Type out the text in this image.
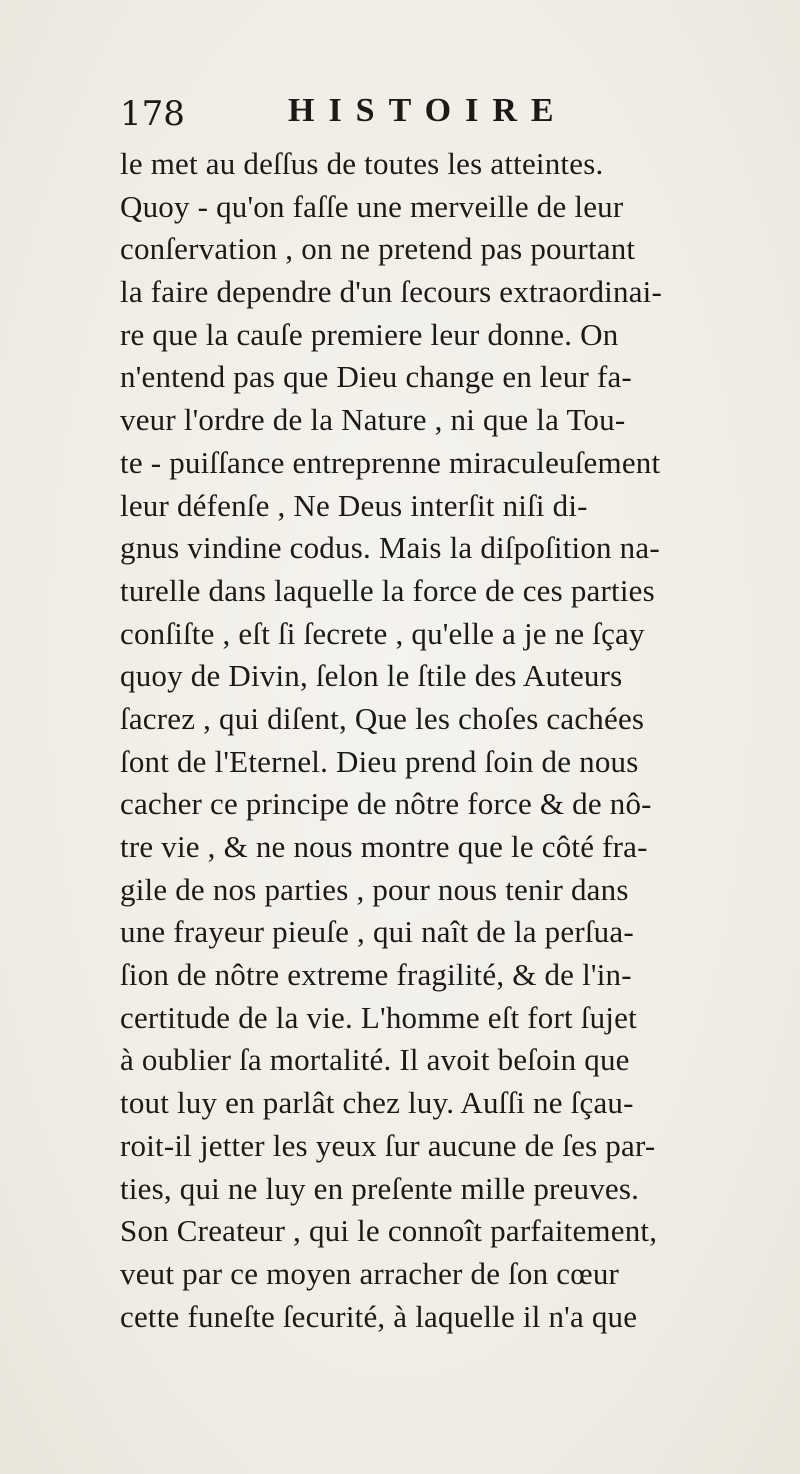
178	HISTOIRE
le met au deſſus de toutes les atteintes.
Quoy - qu'on faſſe une merveille de leur
conſervation , on ne pretend pas pourtant
la faire dependre d'un ſecours extraordinai-
re que la cauſe premiere leur donne. On
n'entend pas que Dieu change en leur fa-
veur l'ordre de la Nature , ni que la Tou-
te - puiſſance entreprenne miraculeuſement
leur défenſe , Ne Deus interſit niſi di-
gnus vindine codus. Mais la diſpoſition na-
turelle dans laquelle la force de ces parties
conſiſte , eſt ſi ſecrete , qu'elle a je ne ſçay
quoy de Divin, ſelon le ſtile des Auteurs
ſacrez , qui diſent, Que les choſes cachées
ſont de l'Eternel. Dieu prend ſoin de nous
cacher ce principe de nôtre force & de nô-
tre vie , & ne nous montre que le côté fra-
gile de nos parties , pour nous tenir dans
une frayeur pieuſe , qui naît de la perſua-
ſion de nôtre extreme fragilité, & de l'in-
certitude de la vie. L'homme eſt fort ſujet
à oublier ſa mortalité. Il avoit beſoin que
tout luy en parlât chez luy. Auſſi ne ſçau-
roit-il jetter les yeux ſur aucune de ſes par-
ties, qui ne luy en preſente mille preuves.
Son Createur , qui le connoît parfaitement,
veut par ce moyen arracher de ſon cœur
cette funeſte ſecurité, à laquelle il n'a que
